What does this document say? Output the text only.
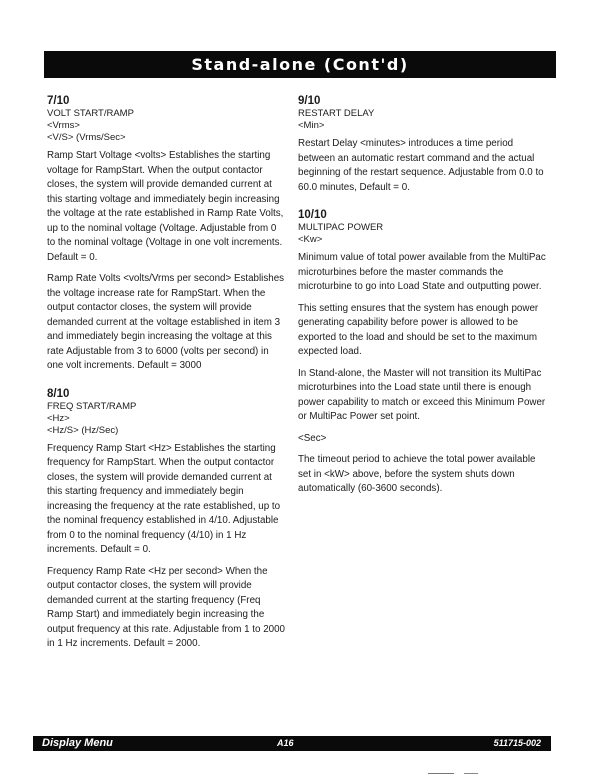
Stand-alone (Cont'd)

7/10

VOLT START/RAMP

<Vrms>

<V/S> (Vrms/Sec>

Ramp Start Voltage <volts> Establishes the starting voltage for RampStart. When the output contactor closes, the system will provide demanded current at this starting voltage and immediately begin increasing the voltage at the rate established in Ramp Rate Volts, up to the nominal voltage (Voltage. Adjustable from 0 to the nominal voltage (Voltage in one volt increments. Default = 0.

Ramp Rate Volts <volts/Vrms per second> Establishes the voltage increase rate for RampStart. When the output contactor closes, the system will provide demanded current at the voltage established in item 3 and immediately begin increasing the voltage at this rate Adjustable from 3 to 6000 (volts per second) in one volt increments. Default = 3000

8/10

FREQ START/RAMP

<Hz>

<Hz/S> (Hz/Sec)

Frequency Ramp Start <Hz> Establishes the starting frequency for RampStart. When the output contactor closes, the system will provide demanded current at this starting frequency and immediately begin increasing the frequency at the rate established, up to the nominal frequency established in 4/10. Adjustable from 0 to the nominal frequency (4/10) in 1 Hz increments. Default = 0.

Frequency Ramp Rate <Hz per second> When the output contactor closes, the system will provide demanded current at the starting frequency (Freq Ramp Start) and immediately begin increasing the output frequency at this rate. Adjustable from 1 to 2000 in 1 Hz increments. Default = 2000.

9/10

RESTART DELAY

<Min>

Restart Delay <minutes> introduces a time period between an automatic restart command and the actual beginning of the restart sequence. Adjustable from 0.0 to 60.0 minutes, Default = 0.

10/10

MULTIPAC POWER

<Kw>

Minimum value of total power available from the MultiPac microturbines before the master commands the microturbine to go into Load State and outputting power.

This setting ensures that the system has enough power generating capability before power is allowed to be exported to the load and should be set to the maximum expected load.

In Stand-alone, the Master will not transition its MultiPac microturbines into the Load state until there is enough power capability to match or exceed this Minimum Power or MultiPac Power set point.

<Sec>

The timeout period to achieve the total power available set in <kW> above, before the system shuts down automatically (60-3600 seconds).

Display Menu	A16	511715-002
